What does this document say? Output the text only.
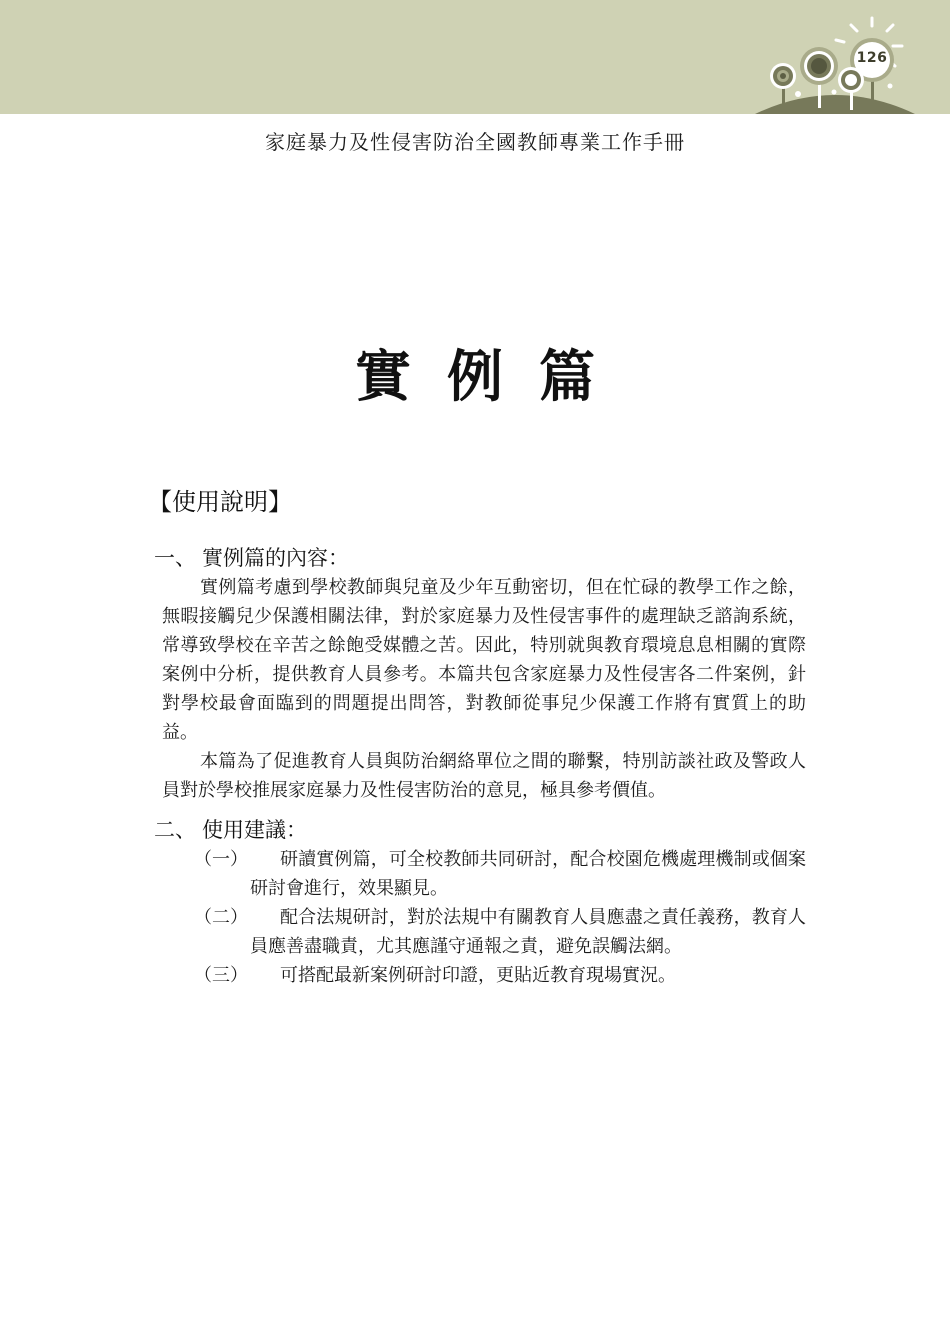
126
家庭暴力及性侵害防治全國教師專業工作手冊
實例篇
【使用說明】
一、 實例篇的內容：

實例篇考慮到學校教師與兒童及少年互動密切，但在忙碌的教學工作之餘，無暇接觸兒少保護相關法律，對於家庭暴力及性侵害事件的處理缺乏諮詢系統，常導致學校在辛苦之餘飽受媒體之苦。因此，特別就與教育環境息息相關的實際案例中分析，提供教育人員參考。本篇共包含家庭暴力及性侵害各二件案例，針對學校最會面臨到的問題提出問答，對教師從事兒少保護工作將有實質上的助益。

本篇為了促進教育人員與防治網絡單位之間的聯繫，特別訪談社政及警政人員對於學校推展家庭暴力及性侵害防治的意見，極具參考價值。

二、 使用建議：

（一）	研讀實例篇，可全校教師共同研討，配合校園危機處理機制或個案研討會進行，效果顯見。

（二）	配合法規研討，對於法規中有關教育人員應盡之責任義務，教育人員應善盡職責，尤其應謹守通報之責，避免誤觸法網。

（三）	可搭配最新案例研討印證，更貼近教育現場實況。
